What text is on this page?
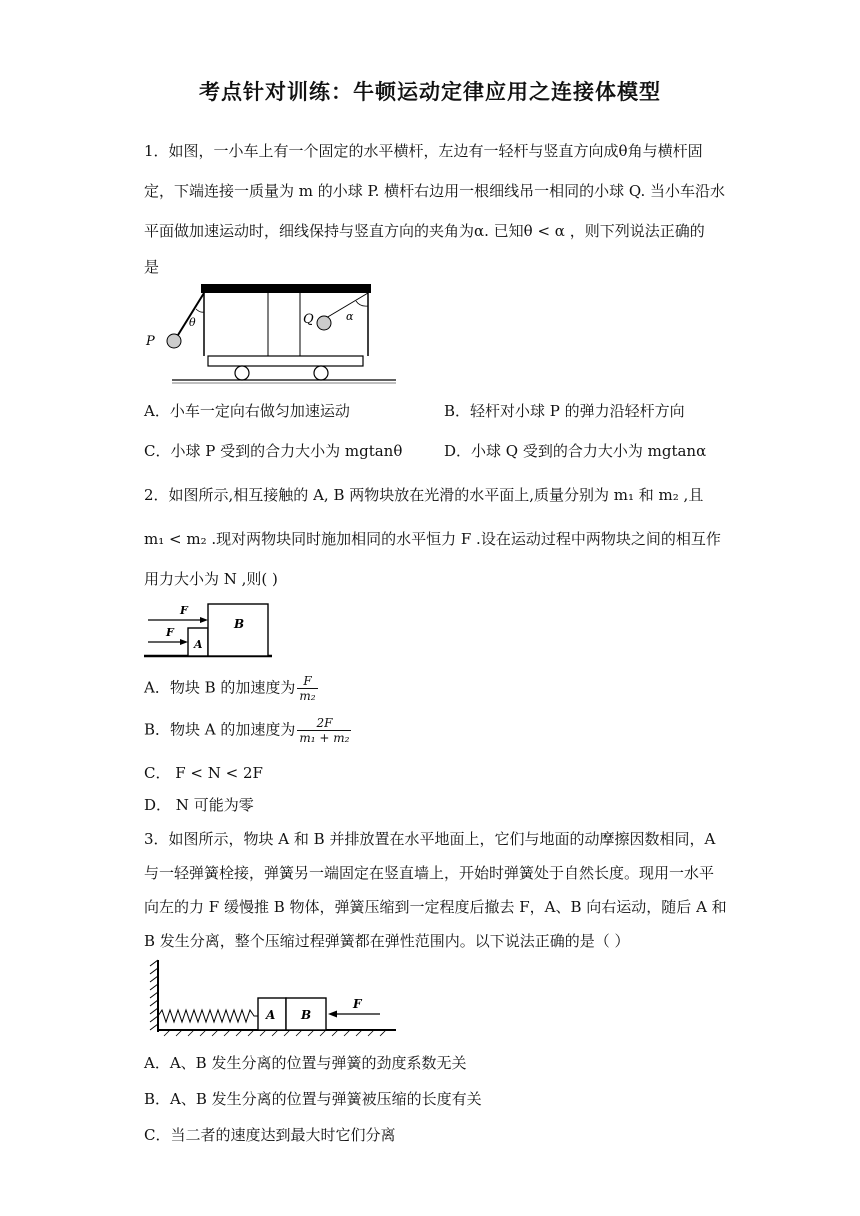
考点针对训练：牛顿运动定律应用之连接体模型
1．如图，一小车上有一个固定的水平横杆，左边有一轻杆与竖直方向成θ角与横杆固
定，下端连接一质量为 m 的小球 P. 横杆右边用一根细线吊一相同的小球 Q. 当小车沿水
平面做加速运动时，细线保持与竖直方向的夹角为α. 已知θ < α ，则下列说法正确的
是
P
θ	Q	α
A．小车一定向右做匀加速运动	B．轻杆对小球 P 的弹力沿轻杆方向
C．小球 P 受到的合力大小为 mgtanθ	D．小球 Q 受到的合力大小为 mgtanα
2．如图所示,相互接触的 A, B 两物块放在光滑的水平面上,质量分别为 m₁ 和 m₂ ,且
m₁ < m₂ .现对两物块同时施加相同的水平恒力 F .设在运动过程中两物块之间的相互作
用力大小为 N ,则( )
A
B
F
F
A．物块 B 的加速度为 $\frac{F}{\text{m₂}}$
B．物块 A 的加速度为 $\frac{2F}{\text{m₁ + m₂}}$
C． F < N < 2F
D． N 可能为零
3．如图所示，物块 A 和 B 并排放置在水平地面上，它们与地面的动摩擦因数相同，A
与一轻弹簧栓接，弹簧另一端固定在竖直墙上，开始时弹簧处于自然长度。现用一水平
向左的力 F 缓慢推 B 物体，弹簧压缩到一定程度后撤去 F，A、B 向右运动，随后 A 和
B 发生分离，整个压缩过程弹簧都在弹性范围内。以下说法正确的是（ ）
A B
F
A．A、B 发生分离的位置与弹簧的劲度系数无关
B．A、B 发生分离的位置与弹簧被压缩的长度有关
C．当二者的速度达到最大时它们分离
